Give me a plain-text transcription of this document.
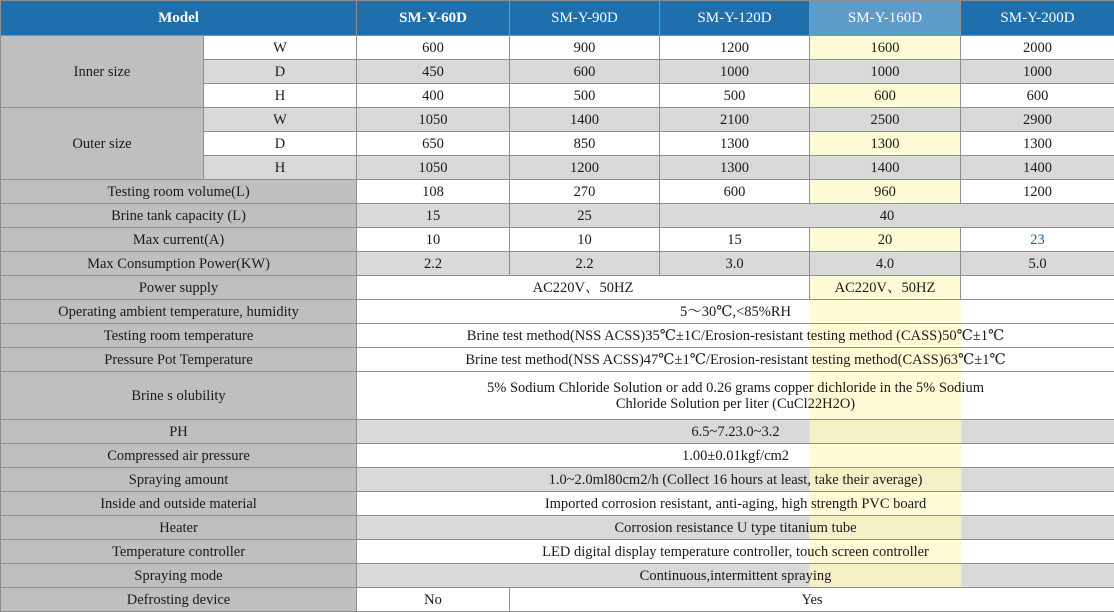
Model		SM-Y-60D	SM-Y-90D	SM-Y-120D	SM-Y-160D	SM-Y-200D
Inner size	W	600	900	1200	1600	2000
	D	450	600	1000	1000	1000
	H	400	500	500	600	600
Outer size	W	1050	1400	2100	2500	2900
	D	650	850	1300	1300	1300
	H	1050	1200	1300	1400	1400
Testing room volume(L)		108	270	600	960	1200
Brine tank capacity (L)		15	25	40		
Max current(A)		10	10	15	20	23
Max Consumption Power(KW)		2.2	2.2	3.0	4.0	5.0
Power supply		AC220V、50HZ			AC220V、50HZ	
Operating ambient temperature, humidity		5～30℃,<85%RH				
Testing room temperature		Brine test method(NSS ACSS)35℃±1C/Erosion-resistant testing method (CASS)50℃±1℃				
Pressure Pot Temperature		Brine test method(NSS ACSS)47℃±1℃/Erosion-resistant testing method(CASS)63℃±1℃				
Brine s olubility		5% Sodium Chloride Solution or add 0.26 grams copper dichloride in the 5% Sodium
Chloride Solution per liter (CuCl22H2O)				
PH		6.5~7.23.0~3.2				
Compressed air pressure		1.00±0.01kgf/cm2				
Spraying amount		1.0~2.0ml80cm2/h (Collect 16 hours at least, take their average)				
Inside and outside material		Imported corrosion resistant, anti-aging, high strength PVC board				
Heater		Corrosion resistance U type titanium tube				
Temperature controller		LED digital display temperature controller, touch screen controller				
Spraying mode		Continuous,intermittent spraying				
Defrosting device		No	Yes			
